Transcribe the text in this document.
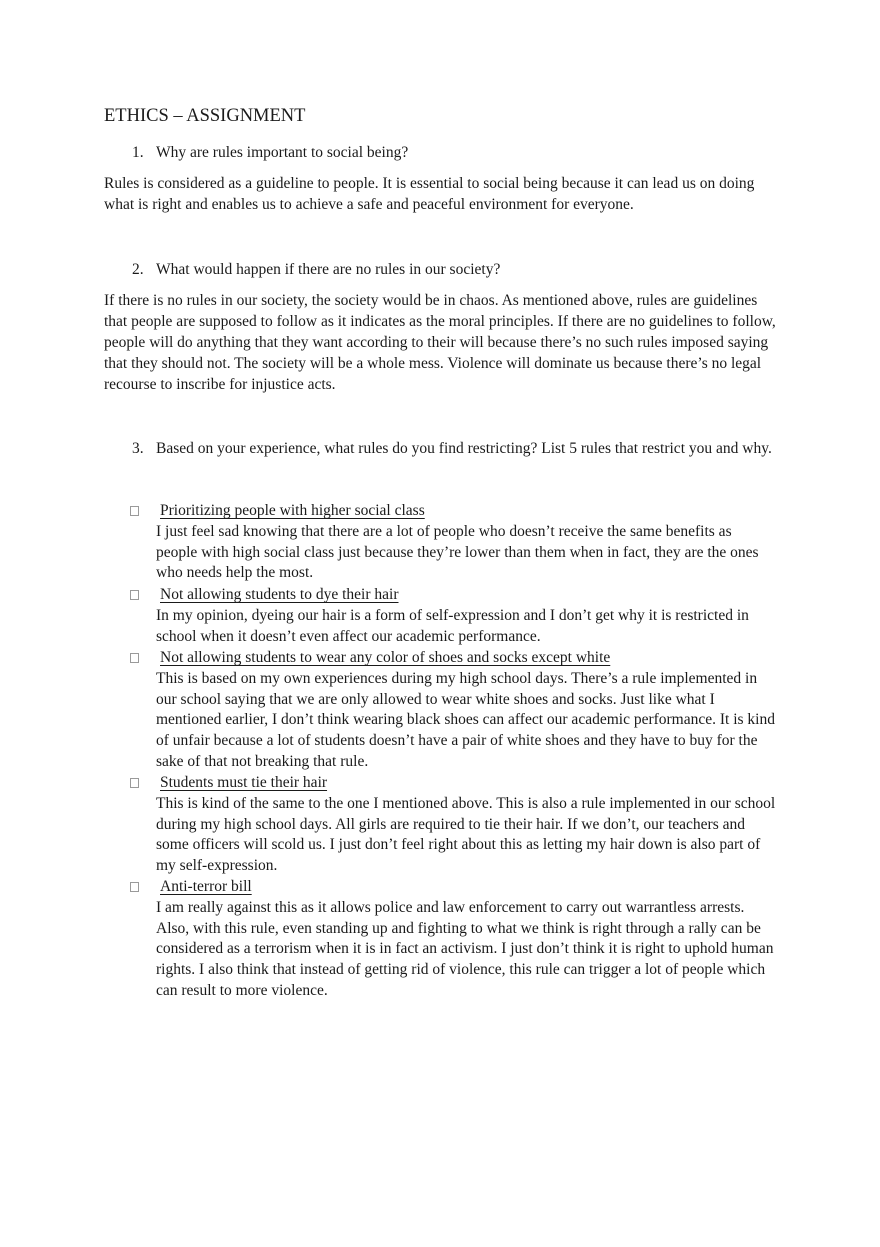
ETHICS – ASSIGNMENT
1. Why are rules important to social being?

Rules is considered as a guideline to people. It is essential to social being because it can lead us on doing what is right and enables us to achieve a safe and peaceful environment for everyone.

2. What would happen if there are no rules in our society?

If there is no rules in our society, the society would be in chaos. As mentioned above, rules are guidelines that people are supposed to follow as it indicates as the moral principles. If there are no guidelines to follow, people will do anything that they want according to their will because there’s no such rules imposed saying that they should not. The society will be a whole mess. Violence will dominate us because there’s no legal recourse to inscribe for injustice acts.

3. Based on your experience, what rules do you find restricting? List 5 rules that restrict you and why.
Prioritizing people with higher social class
I just feel sad knowing that there are a lot of people who doesn’t receive the same benefits as people with high social class just because they’re lower than them when in fact, they are the ones who needs help the most.
Not allowing students to dye their hair
In my opinion, dyeing our hair is a form of self-expression and I don’t get why it is restricted in school when it doesn’t even affect our academic performance.
Not allowing students to wear any color of shoes and socks except white
This is based on my own experiences during my high school days. There’s a rule implemented in our school saying that we are only allowed to wear white shoes and socks. Just like what I mentioned earlier, I don’t think wearing black shoes can affect our academic performance. It is kind of unfair because a lot of students doesn’t have a pair of white shoes and they have to buy for the sake of that not breaking that rule.
Students must tie their hair
This is kind of the same to the one I mentioned above. This is also a rule implemented in our school during my high school days. All girls are required to tie their hair. If we don’t, our teachers and some officers will scold us. I just don’t feel right about this as letting my hair down is also part of my self-expression.
Anti-terror bill
I am really against this as it allows police and law enforcement to carry out warrantless arrests. Also, with this rule, even standing up and fighting to what we think is right through a rally can be considered as a terrorism when it is in fact an activism. I just don’t think it is right to uphold human rights. I also think that instead of getting rid of violence, this rule can trigger a lot of people which can result to more violence.
